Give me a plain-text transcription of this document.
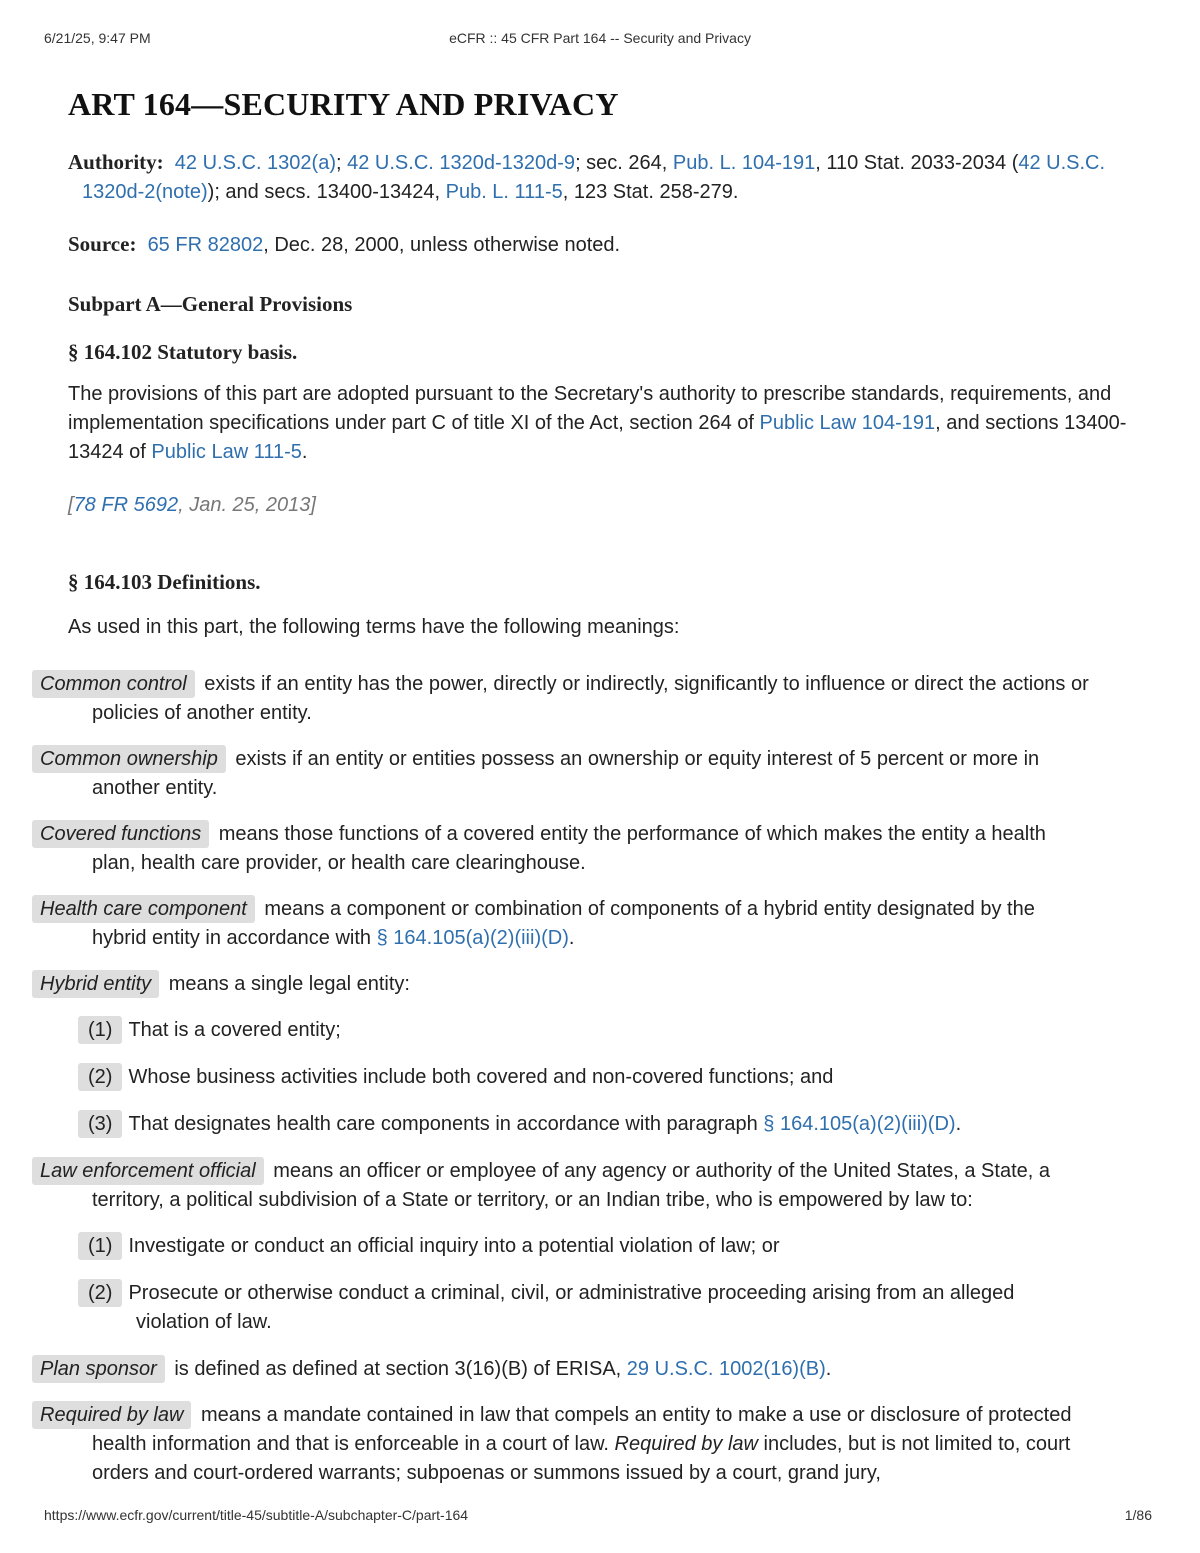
6/21/25, 9:47 PM	eCFR :: 45 CFR Part 164 -- Security and Privacy
ART 164—SECURITY AND PRIVACY
Authority: 42 U.S.C. 1302(a); 42 U.S.C. 1320d-1320d-9; sec. 264, Pub. L. 104-191, 110 Stat. 2033-2034 (42 U.S.C. 1320d-2(note)); and secs. 13400-13424, Pub. L. 111-5, 123 Stat. 258-279.
Source: 65 FR 82802, Dec. 28, 2000, unless otherwise noted.
Subpart A—General Provisions
§ 164.102 Statutory basis.
The provisions of this part are adopted pursuant to the Secretary's authority to prescribe standards, requirements, and implementation specifications under part C of title XI of the Act, section 264 of Public Law 104-191, and sections 13400-13424 of Public Law 111-5.
[78 FR 5692, Jan. 25, 2013]
§ 164.103 Definitions.
As used in this part, the following terms have the following meanings:
Common control exists if an entity has the power, directly or indirectly, significantly to influence or direct the actions or policies of another entity.
Common ownership exists if an entity or entities possess an ownership or equity interest of 5 percent or more in another entity.
Covered functions means those functions of a covered entity the performance of which makes the entity a health plan, health care provider, or health care clearinghouse.
Health care component means a component or combination of components of a hybrid entity designated by the hybrid entity in accordance with § 164.105(a)(2)(iii)(D).
Hybrid entity means a single legal entity:
(1) That is a covered entity;
(2) Whose business activities include both covered and non-covered functions; and
(3) That designates health care components in accordance with paragraph § 164.105(a)(2)(iii)(D).
Law enforcement official means an officer or employee of any agency or authority of the United States, a State, a territory, a political subdivision of a State or territory, or an Indian tribe, who is empowered by law to:
(1) Investigate or conduct an official inquiry into a potential violation of law; or
(2) Prosecute or otherwise conduct a criminal, civil, or administrative proceeding arising from an alleged violation of law.
Plan sponsor is defined as defined at section 3(16)(B) of ERISA, 29 U.S.C. 1002(16)(B).
Required by law means a mandate contained in law that compels an entity to make a use or disclosure of protected health information and that is enforceable in a court of law. Required by law includes, but is not limited to, court orders and court-ordered warrants; subpoenas or summons issued by a court, grand jury,
https://www.ecfr.gov/current/title-45/subtitle-A/subchapter-C/part-164	1/86
